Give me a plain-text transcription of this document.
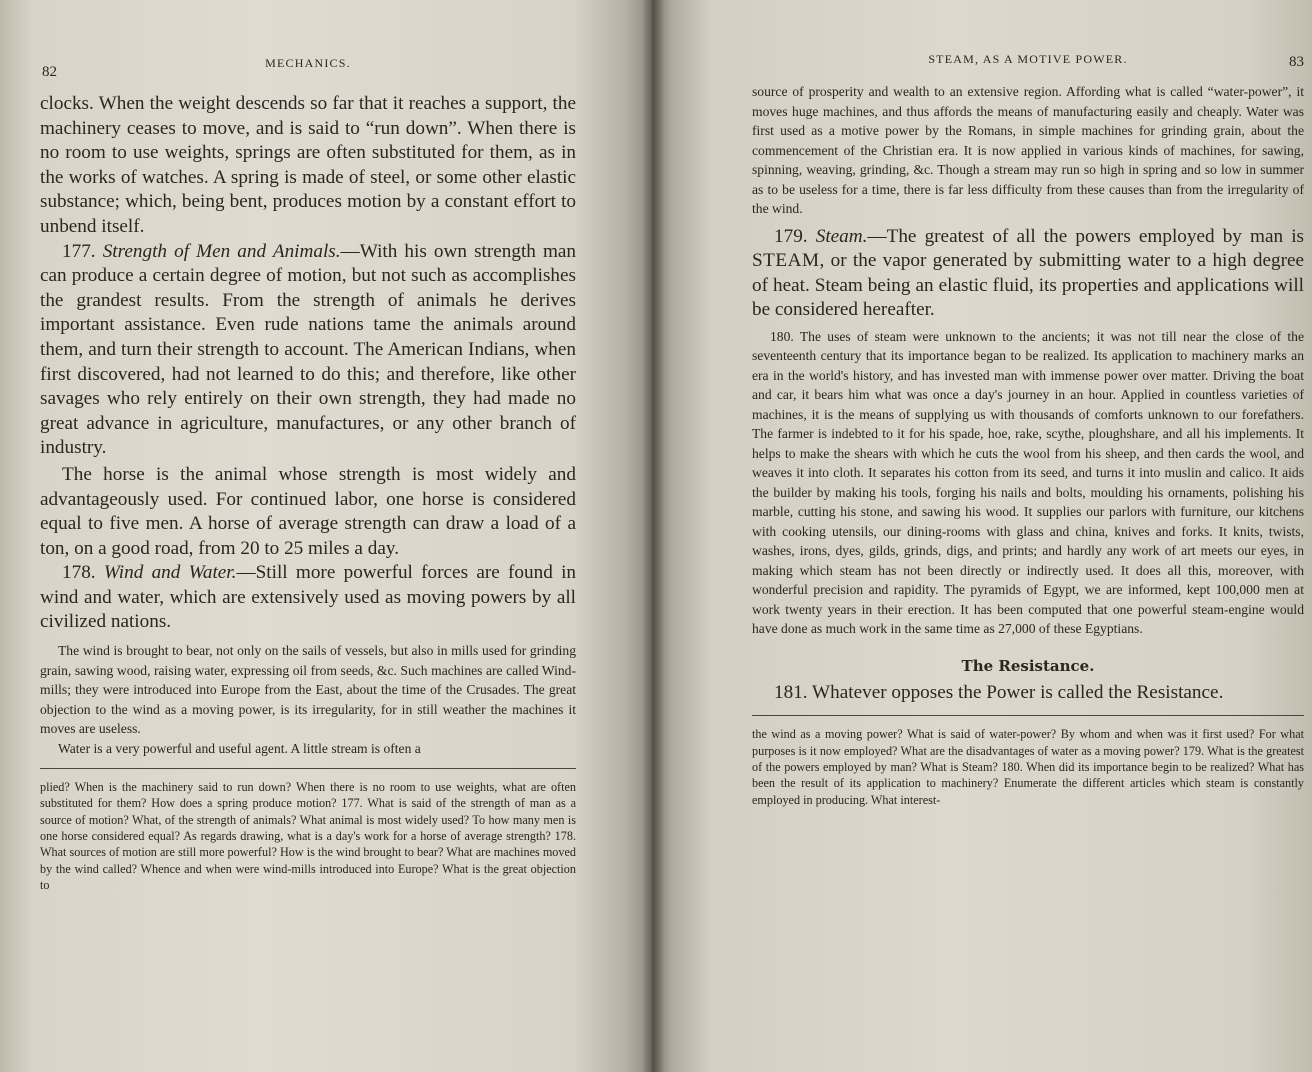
82
MECHANICS.

clocks. When the weight descends so far that it reaches a support, the machinery ceases to move, and is said to “run down”. When there is no room to use weights, springs are often substituted for them, as in the works of watches. A spring is made of steel, or some other elastic substance; which, being bent, produces motion by a constant effort to unbend itself.

177. Strength of Men and Animals.—With his own strength man can produce a certain degree of motion, but not such as accomplishes the grandest results. From the strength of animals he derives important assistance. Even rude nations tame the animals around them, and turn their strength to account. The American Indians, when first discovered, had not learned to do this; and therefore, like other savages who rely entirely on their own strength, they had made no great advance in agriculture, manufactures, or any other branch of industry.

The horse is the animal whose strength is most widely and advantageously used. For continued labor, one horse is considered equal to five men. A horse of average strength can draw a load of a ton, on a good road, from 20 to 25 miles a day.

178. Wind and Water.—Still more powerful forces are found in wind and water, which are extensively used as moving powers by all civilized nations.

The wind is brought to bear, not only on the sails of vessels, but also in mills used for grinding grain, sawing wood, raising water, expressing oil from seeds, &c. Such machines are called Wind-mills; they were introduced into Europe from the East, about the time of the Crusades. The great objection to the wind as a moving power, is its irregularity, for in still weather the machines it moves are useless.

Water is a very powerful and useful agent. A little stream is often a

plied? When is the machinery said to run down? When there is no room to use weights, what are often substituted for them? How does a spring produce motion? 177. What is said of the strength of man as a source of motion? What, of the strength of animals? What animal is most widely used? To how many men is one horse considered equal? As regards drawing, what is a day's work for a horse of average strength? 178. What sources of motion are still more powerful? How is the wind brought to bear? What are machines moved by the wind called? Whence and when were wind-mills introduced into Europe? What is the great objection to

STEAM, AS A MOTIVE POWER.	83

source of prosperity and wealth to an extensive region. Affording what is called “water-power”, it moves huge machines, and thus affords the means of manufacturing easily and cheaply. Water was first used as a motive power by the Romans, in simple machines for grinding grain, about the commencement of the Christian era. It is now applied in various kinds of machines, for sawing, spinning, weaving, grinding, &c. Though a stream may run so high in spring and so low in summer as to be useless for a time, there is far less difficulty from these causes than from the irregularity of the wind.

179. Steam.—The greatest of all the powers employed by man is STEAM, or the vapor generated by submitting water to a high degree of heat. Steam being an elastic fluid, its properties and applications will be considered hereafter.

180. The uses of steam were unknown to the ancients; it was not till near the close of the seventeenth century that its importance began to be realized. Its application to machinery marks an era in the world's history, and has invested man with immense power over matter. Driving the boat and car, it bears him what was once a day's journey in an hour. Applied in countless varieties of machines, it is the means of supplying us with thousands of comforts unknown to our forefathers. The farmer is indebted to it for his spade, hoe, rake, scythe, ploughshare, and all his implements. It helps to make the shears with which he cuts the wool from his sheep, and then cards the wool, and weaves it into cloth. It separates his cotton from its seed, and turns it into muslin and calico. It aids the builder by making his tools, forging his nails and bolts, moulding his ornaments, polishing his marble, cutting his stone, and sawing his wood. It supplies our parlors with furniture, our kitchens with cooking utensils, our dining-rooms with glass and china, knives and forks. It knits, twists, washes, irons, dyes, gilds, grinds, digs, and prints; and hardly any work of art meets our eyes, in making which steam has not been directly or indirectly used. It does all this, moreover, with wonderful precision and rapidity. The pyramids of Egypt, we are informed, kept 100,000 men at work twenty years in their erection. It has been computed that one powerful steam-engine would have done as much work in the same time as 27,000 of these Egyptians.

The Resistance.

181. Whatever opposes the Power is called the Resistance.

the wind as a moving power? What is said of water-power? By whom and when was it first used? For what purposes is it now employed? What are the disadvantages of water as a moving power? 179. What is the greatest of the powers employed by man? What is Steam? 180. When did its importance begin to be realized? What has been the result of its application to machinery? Enumerate the different articles which steam is constantly employed in producing. What interest-
